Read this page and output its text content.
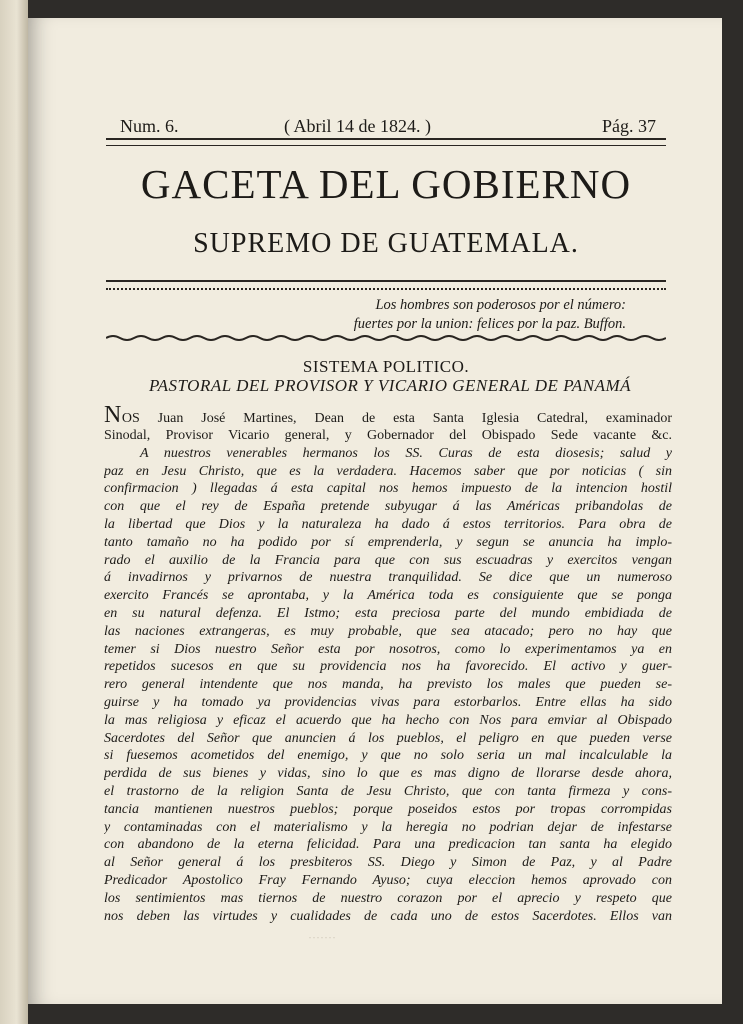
Num. 6.	( Abril 14 de 1824. )	Pág. 37
GACETA DEL GOBIERNO
SUPREMO DE GUATEMALA.
Los hombres son poderosos por el número:
fuertes por la union: felices por la paz. Buffon.
SISTEMA POLITICO.
PASTORAL DEL PROVISOR Y VICARIO GENERAL DE PANAMÁ
NOS Juan José Martines, Dean de esta Santa Iglesia Catedral, examinador
Sinodal, Provisor Vicario general, y Gobernador del Obispado Sede vacante &c.
A nuestros venerables hermanos los SS. Curas de esta diosesis; salud y
paz en Jesu Christo, que es la verdadera. Hacemos saber que por noticias ( sin
confirmacion ) llegadas á esta capital nos hemos impuesto de la intencion hostil
con que el rey de España pretende subyugar á las Américas pribandolas de
la libertad que Dios y la naturaleza ha dado á estos territorios. Para obra de
tanto tamaño no ha podido por sí emprenderla, y segun se anuncia ha implo-
rado el auxilio de la Francia para que con sus escuadras y exercitos vengan
á invadirnos y privarnos de nuestra tranquilidad. Se dice que un numeroso
exercito Francés se aprontaba, y la América toda es consiguiente que se ponga
en su natural defenza. El Istmo; esta preciosa parte del mundo embidiada de
las naciones extrangeras, es muy probable, que sea atacado; pero no hay que
temer si Dios nuestro Señor esta por nosotros, como lo experimentamos ya en
repetidos sucesos en que su providencia nos ha favorecido. El activo y guer-
rero general intendente que nos manda, ha previsto los males que pueden se-
guirse y ha tomado ya providencias vivas para estorbarlos. Entre ellas ha sido
la mas religiosa y eficaz el acuerdo que ha hecho con Nos para emviar al Obispado
Sacerdotes del Señor que anuncien á los pueblos, el peligro en que pueden verse
si fuesemos acometidos del enemigo, y que no solo seria un mal incalculable la
perdida de sus bienes y vidas, sino lo que es mas digno de llorarse desde ahora,
el trastorno de la religion Santa de Jesu Christo, que con tanta firmeza y cons-
tancia mantienen nuestros pueblos; porque poseidos estos por tropas corrompidas
y contaminadas con el materialismo y la heregia no podrian dejar de infestarse
con abandono de la eterna felicidad. Para una predicacion tan santa ha elegido
al Señor general á los presbiteros SS. Diego y Simon de Paz, y al Padre
Predicador Apostolico Fray Fernando Ayuso; cuya eleccion hemos aprovado con
los sentimientos mas tiernos de nuestro corazon por el aprecio y respeto que
nos deben las virtudes y cualidades de cada uno de estos Sacerdotes. Ellos van
·······
